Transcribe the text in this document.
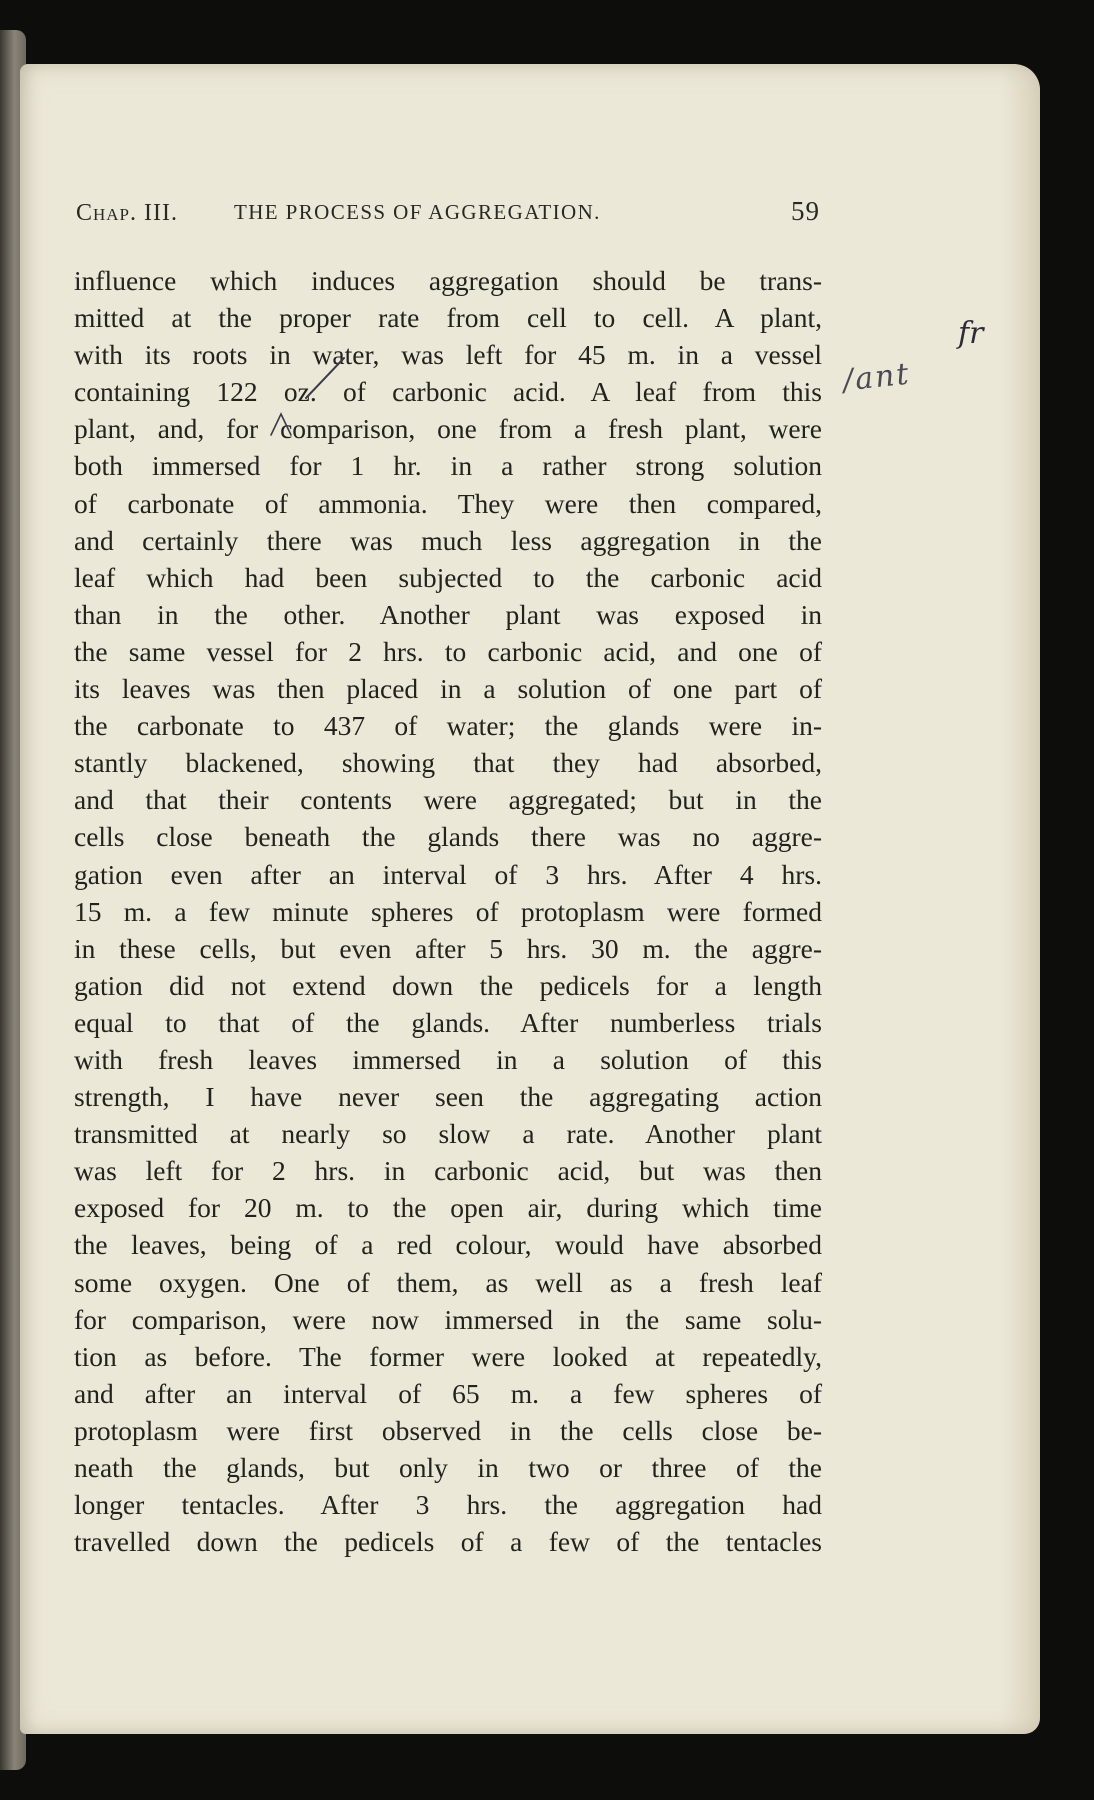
Chap. III.	THE PROCESS OF AGGREGATION.	59
influence which induces aggregation should be trans-
mitted at the proper rate from cell to cell. A plant,
with its roots in water, was left for 45 m. in a vessel
containing 122 oz. of carbonic acid. A leaf from this
plant, and, for comparison, one from a fresh plant, were
both immersed for 1 hr. in a rather strong solution
of carbonate of ammonia. They were then compared,
and certainly there was much less aggregation in the
leaf which had been subjected to the carbonic acid
than in the other. Another plant was exposed in
the same vessel for 2 hrs. to carbonic acid, and one of
its leaves was then placed in a solution of one part of
the carbonate to 437 of water; the glands were in-
stantly blackened, showing that they had absorbed,
and that their contents were aggregated; but in the
cells close beneath the glands there was no aggre-
gation even after an interval of 3 hrs. After 4 hrs.
15 m. a few minute spheres of protoplasm were formed
in these cells, but even after 5 hrs. 30 m. the aggre-
gation did not extend down the pedicels for a length
equal to that of the glands. After numberless trials
with fresh leaves immersed in a solution of this
strength, I have never seen the aggregating action
transmitted at nearly so slow a rate. Another plant
was left for 2 hrs. in carbonic acid, but was then
exposed for 20 m. to the open air, during which time
the leaves, being of a red colour, would have absorbed
some oxygen. One of them, as well as a fresh leaf
for comparison, were now immersed in the same solu-
tion as before. The former were looked at repeatedly,
and after an interval of 65 m. a few spheres of
protoplasm were first observed in the cells close be-
neath the glands, but only in two or three of the
longer tentacles. After 3 hrs. the aggregation had
travelled down the pedicels of a few of the tentacles
/ant
fr
